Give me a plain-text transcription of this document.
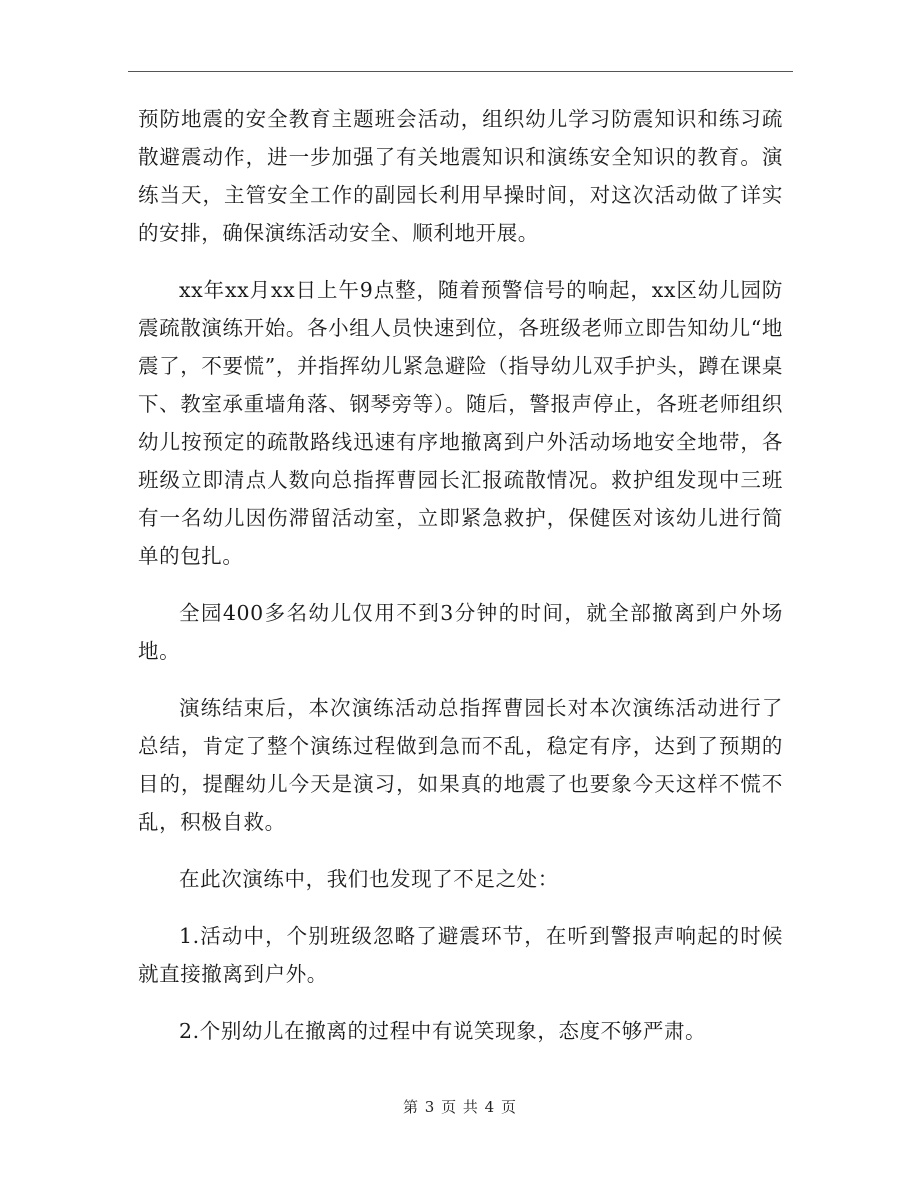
预防地震的安全教育主题班会活动，组织幼儿学习防震知识和练习疏散避震动作，进一步加强了有关地震知识和演练安全知识的教育。演练当天，主管安全工作的副园长利用早操时间，对这次活动做了详实的安排，确保演练活动安全、顺利地开展。

xx年xx月xx日上午9点整，随着预警信号的响起，xx区幼儿园防震疏散演练开始。各小组人员快速到位，各班级老师立即告知幼儿“地震了，不要慌”，并指挥幼儿紧急避险（指导幼儿双手护头，蹲在课桌下、教室承重墙角落、钢琴旁等）。随后，警报声停止，各班老师组织幼儿按预定的疏散路线迅速有序地撤离到户外活动场地安全地带，各班级立即清点人数向总指挥曹园长汇报疏散情况。救护组发现中三班有一名幼儿因伤滞留活动室，立即紧急救护，保健医对该幼儿进行简单的包扎。

全园400多名幼儿仅用不到3分钟的时间，就全部撤离到户外场地。

演练结束后，本次演练活动总指挥曹园长对本次演练活动进行了总结，肯定了整个演练过程做到急而不乱，稳定有序，达到了预期的目的，提醒幼儿今天是演习，如果真的地震了也要象今天这样不慌不乱，积极自救。

在此次演练中，我们也发现了不足之处：

1.活动中，个别班级忽略了避震环节，在听到警报声响起的时候就直接撤离到户外。

2.个别幼儿在撤离的过程中有说笑现象，态度不够严肃。

第 3 页 共 4 页
